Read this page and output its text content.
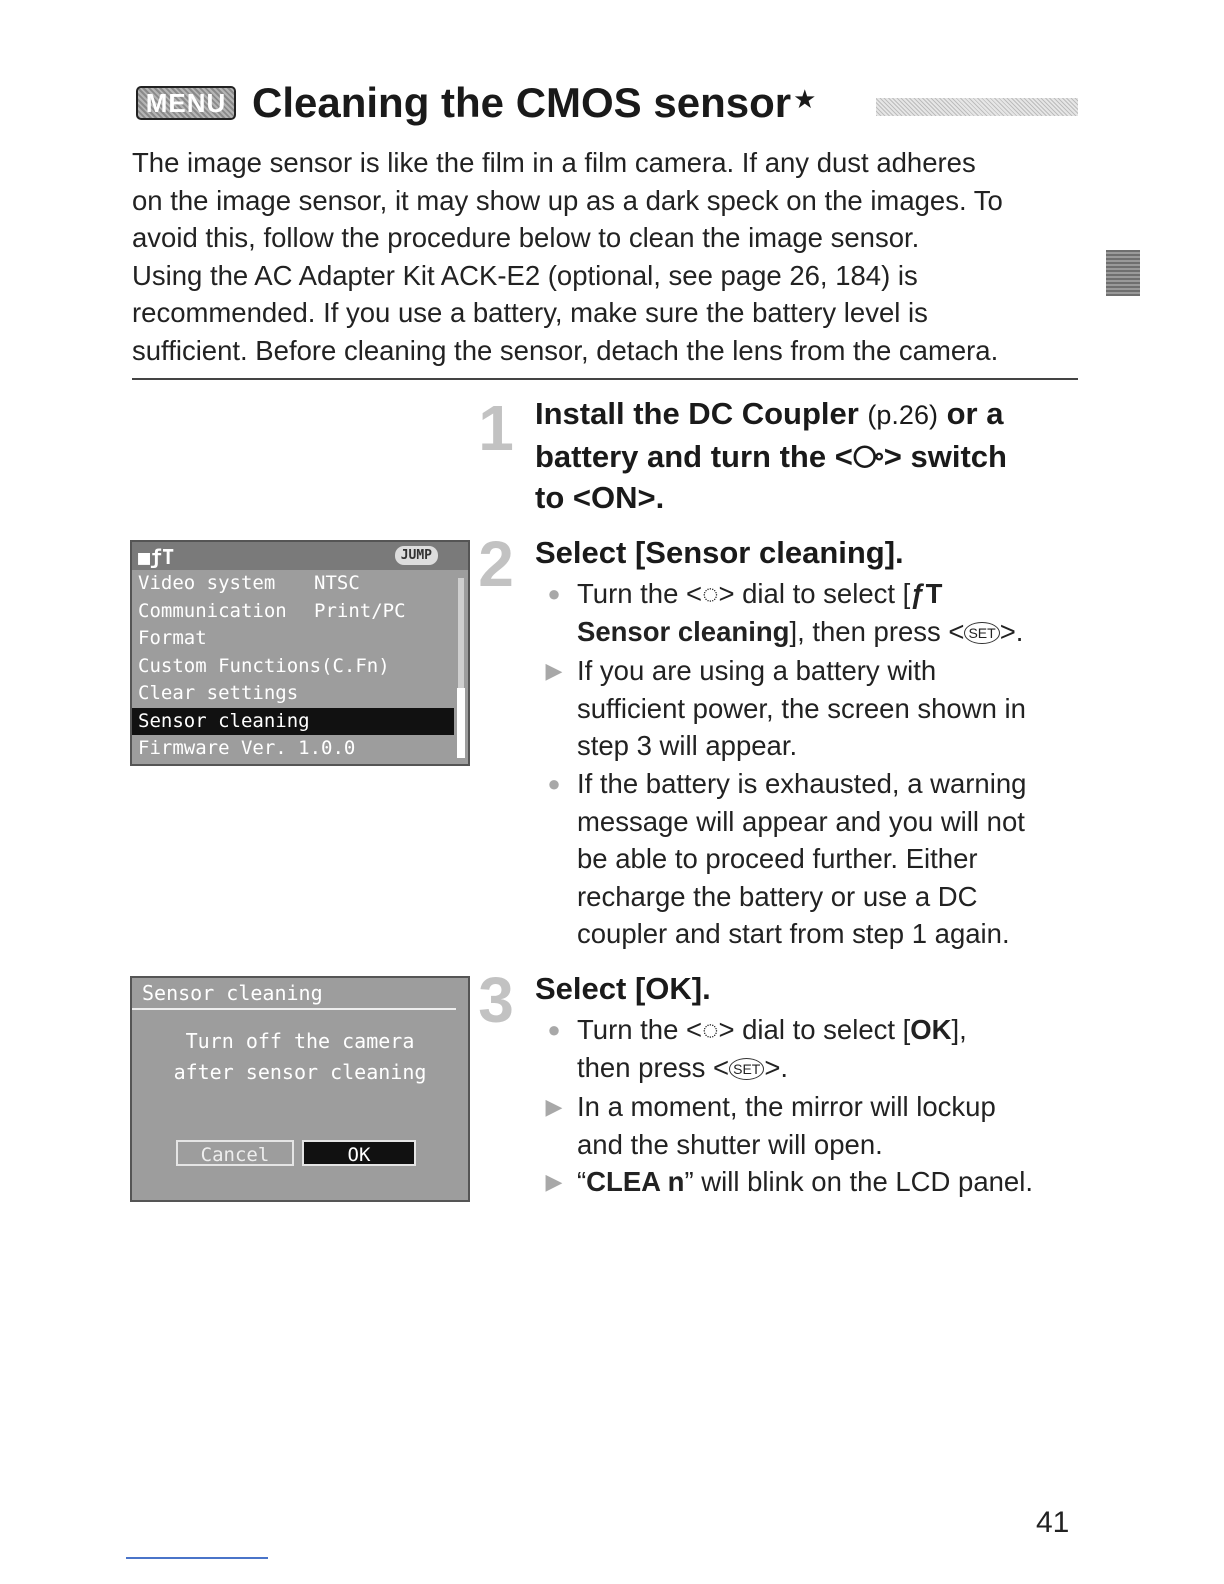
MENU Cleaning the CMOS sensor★

The image sensor is like the film in a film camera. If any dust adheres

on the image sensor, it may show up as a dark speck on the images. To

avoid this, follow the procedure below to clean the image sensor.

Using the AC Adapter Kit ACK-E2 (optional, see page 26, 184) is

recommended. If you use a battery, make sure the battery level is

sufficient. Before cleaning the sensor, detach the lens from the camera.

1 Install the DC Coupler (p.26) or a
battery and turn the <⧂> switch
to <ON>.
■ƒT	JUMP
Video system NTSC
Communication Print/PC
Format
Custom Functions(C.Fn)
Clear settings
Sensor cleaning
Firmware Ver. 1.0.0
2 Select [Sensor cleaning].
● Turn the <◌> dial to select [ƒT
Sensor cleaning], then press < SET >.
▶ If you are using a battery with
sufficient power, the screen shown in
step 3 will appear.
● If the battery is exhausted, a warning
message will appear and you will not
be able to proceed further. Either
recharge the battery or use a DC
coupler and start from step 1 again.
Sensor cleaning
Turn off the camera
after sensor cleaning
Cancel	OK
3 Select [OK].
● Turn the <◌> dial to select [OK],
then press < SET >.
▶ In a moment, the mirror will lockup
and the shutter will open.
▶ “CLEA n” will blink on the LCD panel.
41
